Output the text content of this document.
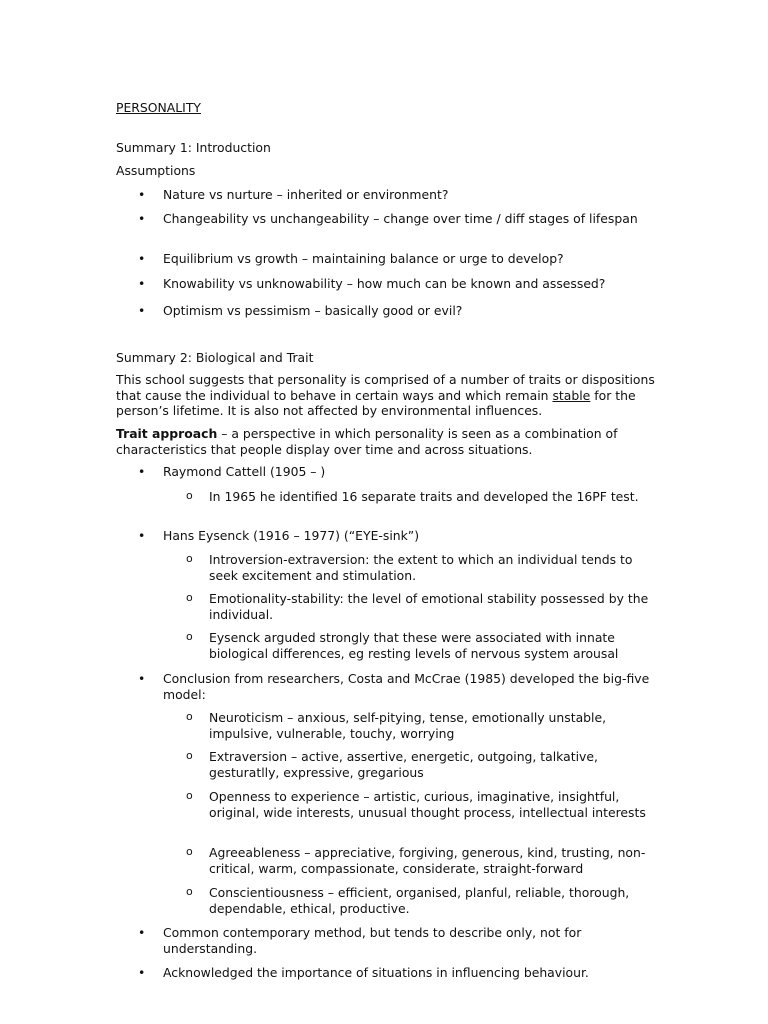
PERSONALITY
Summary 1: Introduction
Assumptions
• Nature vs nurture – inherited or environment?
• Changeability vs unchangeability – change over time / diff stages of lifespan
• Equilibrium vs growth – maintaining balance or urge to develop?
• Knowability vs unknowability – how much can be known and assessed?
• Optimism vs pessimism – basically good or evil?
Summary 2: Biological and Trait

This school suggests that personality is comprised of a number of traits or dispositions that cause the individual to behave in certain ways and which remain stable for the person’s lifetime. It is also not affected by environmental influences.

Trait approach – a perspective in which personality is seen as a combination of characteristics that people display over time and across situations.

• Raymond Cattell (1905 – )
o In 1965 he identified 16 separate traits and developed the 16PF test.
• Hans Eysenck (1916 – 1977) (“EYE-sink”)
o Introversion-extraversion: the extent to which an individual tends to seek excitement and stimulation.
o Emotionality-stability: the level of emotional stability possessed by the individual.
o Eysenck arguded strongly that these were associated with innate biological differences, eg resting levels of nervous system arousal
• Conclusion from researchers, Costa and McCrae (1985) developed the big-five model:
o Neuroticism – anxious, self-pitying, tense, emotionally unstable, impulsive, vulnerable, touchy, worrying
o Extraversion – active, assertive, energetic, outgoing, talkative, gesturatlly, expressive, gregarious
o Openness to experience – artistic, curious, imaginative, insightful, original, wide interests, unusual thought process, intellectual interests
o Agreeableness – appreciative, forgiving, generous, kind, trusting, non-critical, warm, compassionate, considerate, straight-forward
o Conscientiousness – efficient, organised, planful, reliable, thorough, dependable, ethical, productive.
• Common contemporary method, but tends to describe only, not for understanding.
• Acknowledged the importance of situations in influencing behaviour.
